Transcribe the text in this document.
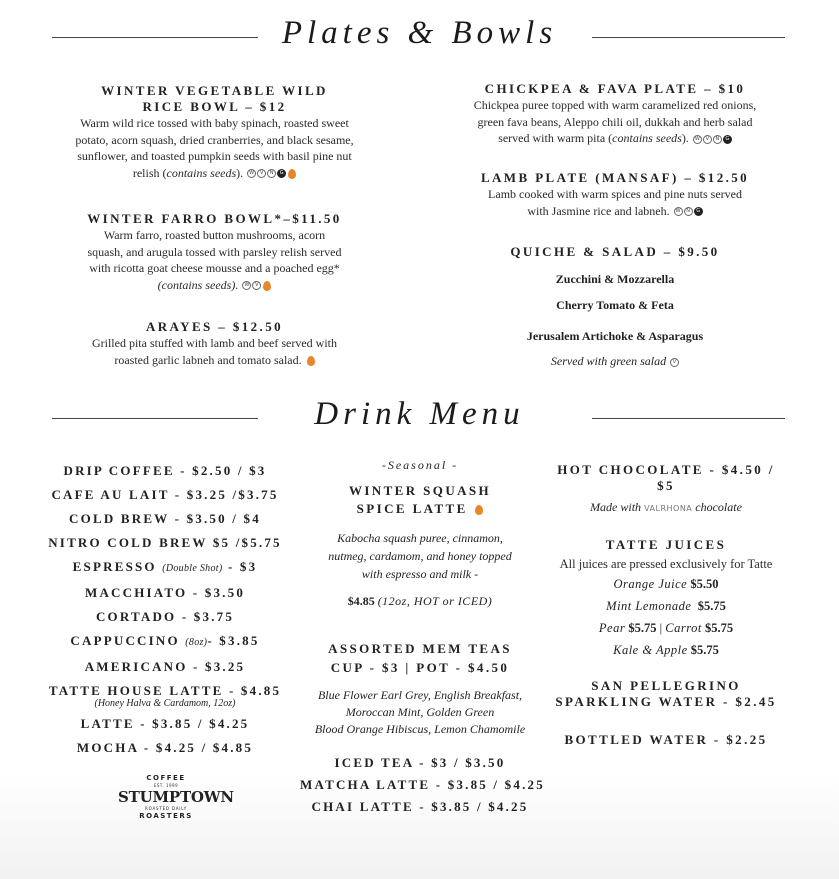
Plates & Bowls
WINTER VEGETABLE WILD
RICE BOWL – $12
Warm wild rice tossed with baby spinach, roasted sweet
potato, acorn squash, dried cranberries, and black sesame,
sunflower, and toasted pumpkin seeds with basil pine nut
relish (contains seeds). W V N G
WINTER FARRO BOWL*–$11.50
Warm farro, roasted button mushrooms, acorn
squash, and arugula tossed with parsley relish served
with ricotta goat cheese mousse and a poached egg*
(contains seeds). W V
ARAYES – $12.50
Grilled pita stuffed with lamb and beef served with
roasted garlic labneh and tomato salad.
CHICKPEA & FAVA PLATE – $10
Chickpea puree topped with warm caramelized red onions,
green fava beans, Aleppo chili oil, dukkah and herb salad
served with warm pita (contains seeds). W V N G
LAMB PLATE (MANSAF) – $12.50
Lamb cooked with warm spices and pine nuts served
with Jasmine rice and labneh. W N G
QUICHE & SALAD – $9.50
Zucchini & Mozzarella
Cherry Tomato & Feta
Jerusalem Artichoke & Asparagus
Served with green salad V
Drink Menu
DRIP COFFEE - $2.50 / $3
CAFE AU LAIT - $3.25 /$3.75
COLD BREW - $3.50 / $4
NITRO COLD BREW $5 /$5.75
ESPRESSO (Double Shot) - $3
MACCHIATO - $3.50
CORTADO - $3.75
CAPPUCCINO (8oz)- $3.85
AMERICANO - $3.25
TATTE HOUSE LATTE - $4.85
(Honey Halva & Cardamom, 12oz)
LATTE - $3.85 / $4.25
MOCHA - $4.25 / $4.85
COFFEE
EST. 1999
STUMPTOWN
ROASTED DAILY
ROASTERS
-Seasonal -
WINTER SQUASH
SPICE LATTE
Kabocha squash puree, cinnamon,
nutmeg, cardamom, and honey topped
with espresso and milk -
$4.85 (12oz, HOT or ICED)
ASSORTED MEM TEAS
CUP - $3 | POT - $4.50
Blue Flower Earl Grey, English Breakfast,
Moroccan Mint, Golden Green
Blood Orange Hibiscus, Lemon Chamomile
ICED TEA - $3 / $3.50
MATCHA LATTE - $3.85 / $4.25
CHAI LATTE - $3.85 / $4.25
HOT CHOCOLATE - $4.50 / $5
Made with VALRHONA chocolate
TATTE JUICES
All juices are pressed exclusively for Tatte
Orange Juice $5.50
Mint Lemonade $5.75
Pear $5.75 | Carrot $5.75
Kale & Apple $5.75
SAN PELLEGRINO
SPARKLING WATER - $2.45
BOTTLED WATER - $2.25
